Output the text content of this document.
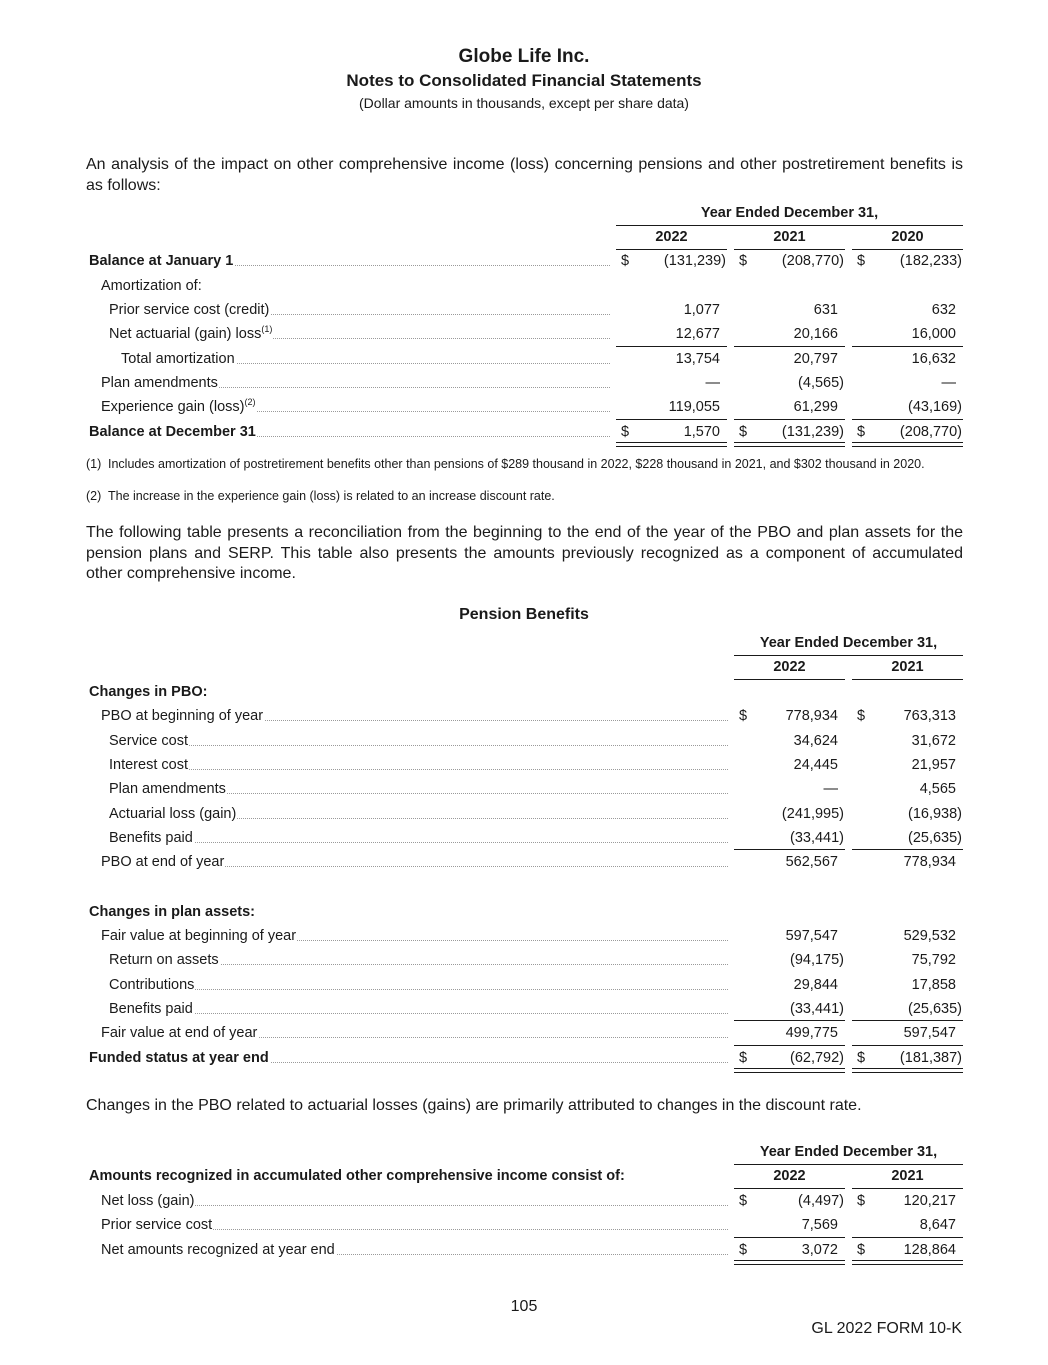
Globe Life Inc.
Notes to Consolidated Financial Statements
(Dollar amounts in thousands, except per share data)
An analysis of the impact on other comprehensive income (loss) concerning pensions and other postretirement benefits is as follows:
Year Ended December 31,
2022	2021	2020
Balance at January 1	$	(131,239) $	(208,770) $	(182,233)
Amortization of:
Prior service cost (credit)	1,077	631	632
Net actuarial (gain) loss$^{(1)}$	12,677	20,166	16,000
Total amortization	13,754	20,797	16,632
Plan amendments	—	(4,565)	—
Experience gain (loss)$^{(2)}$	119,055	61,299	(43,169)
Balance at December 31	$	1,570 $	(131,239) $	(208,770)
(1) Includes amortization of postretirement benefits other than pensions of $289 thousand in 2022, $228 thousand in 2021, and $302 thousand in 2020.
(2) The increase in the experience gain (loss) is related to an increase discount rate.
The following table presents a reconciliation from the beginning to the end of the year of the PBO and plan assets for the pension plans and SERP. This table also presents the amounts previously recognized as a component of accumulated other comprehensive income.
Pension Benefits
Year Ended December 31,
2022	2021
Changes in PBO:
PBO at beginning of year	$	778,934 $	763,313
Service cost	34,624	31,672
Interest cost	24,445	21,957
Plan amendments	—	4,565
Actuarial loss (gain)	(241,995)	(16,938)
Benefits paid	(33,441)	(25,635)
PBO at end of year	562,567	778,934
Changes in plan assets:
Fair value at beginning of year	597,547	529,532
Return on assets	(94,175)	75,792
Contributions	29,844	17,858
Benefits paid	(33,441)	(25,635)
Fair value at end of year	499,775	597,547
Funded status at year end	$	(62,792) $	(181,387)
Changes in the PBO related to actuarial losses (gains) are primarily attributed to changes in the discount rate.
Year Ended December 31,
2022	2021
Amounts recognized in accumulated other comprehensive income consist of:
Net loss (gain)	$	(4,497) $	120,217
Prior service cost	7,569	8,647
Net amounts recognized at year end	$	3,072 $	128,864
105
GL 2022 FORM 10-K
